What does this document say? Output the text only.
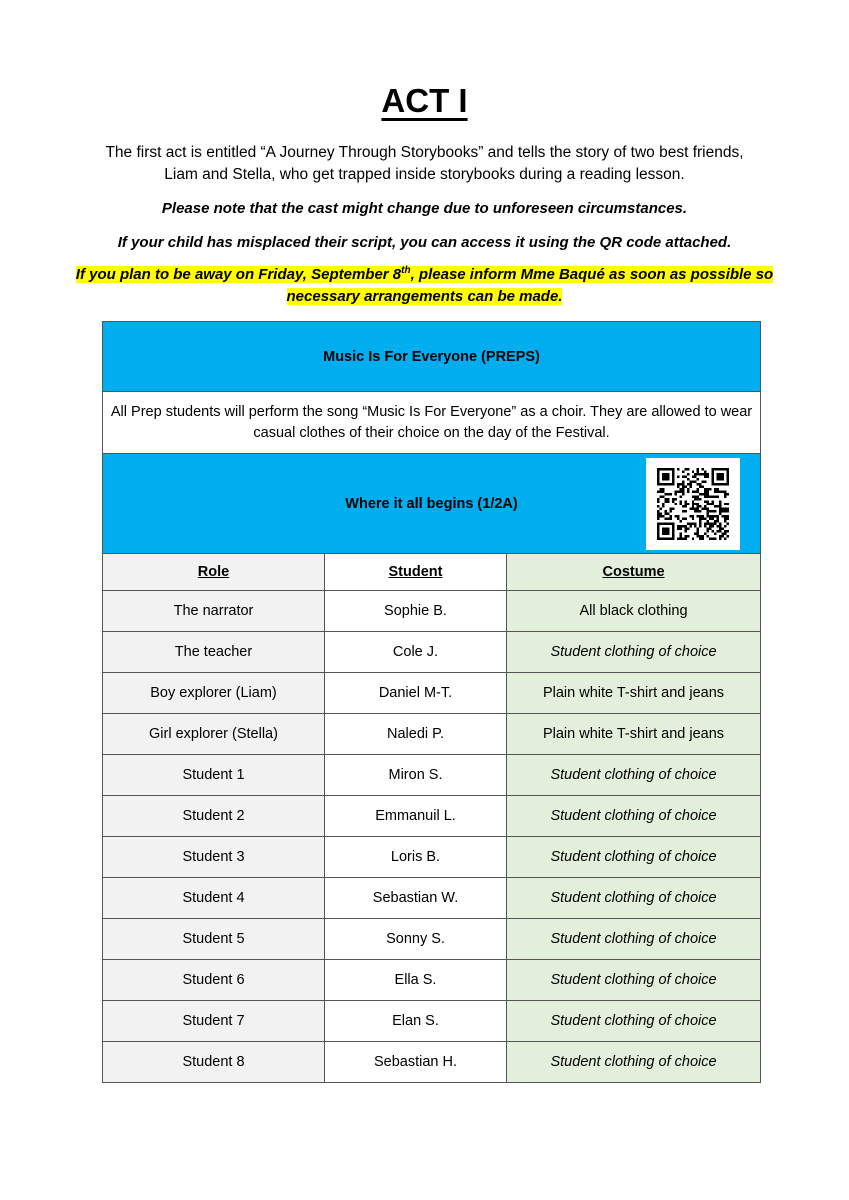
ACT I

The first act is entitled “A Journey Through Storybooks” and tells the story of two best friends, Liam and Stella, who get trapped inside storybooks during a reading lesson.

Please note that the cast might change due to unforeseen circumstances.

If your child has misplaced their script, you can access it using the QR code attached.

If you plan to be away on Friday, September 8th, please inform Mme Baqué as soon as possible so necessary arrangements can be made.

Music Is For Everyone (PREPS)		
All Prep students will perform the song “Music Is For Everyone” as a choir. They are allowed to wear casual clothes of their choice on the day of the Festival.		
Where it all begins (1/2A)		

Role	Student	Costume
The narrator	Sophie B.	All black clothing
The teacher	Cole J.	Student clothing of choice
Boy explorer (Liam)	Daniel M-T.	Plain white T-shirt and jeans
Girl explorer (Stella)	Naledi P.	Plain white T-shirt and jeans
Student 1	Miron S.	Student clothing of choice
Student 2	Emmanuil L.	Student clothing of choice
Student 3	Loris B.	Student clothing of choice
Student 4	Sebastian W.	Student clothing of choice
Student 5	Sonny S.	Student clothing of choice
Student 6	Ella S.	Student clothing of choice
Student 7	Elan S.	Student clothing of choice
Student 8	Sebastian H.	Student clothing of choice
